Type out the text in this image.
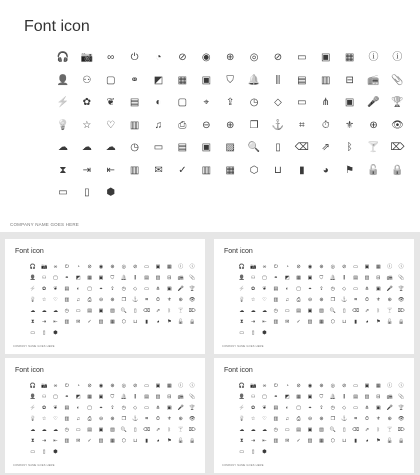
Font icon
🎧	📷	∞	⏻	◔	⊘	◉	⊕	◎	⊘	▭	▣	▦	ⓘ	ⓘ
👤	⚇	▢	⚭	◩	▦	▣	⛉	🔔	⫼	▤	▥	⊟	📻	📎
⚡	✿	❦	▤	◐	▢	⌖	⇪	◷	◇	▭	⋔	▣	🎤	🏆
💡	☆	♡	▥	♫	⎙	⊖	⊕	❐	⚓	⌗	⏱	⚜	⊕	👁
☁	☁	☁	◷	▭	▤	▣	▨	🔍	▯	⌫	⇗	ᛒ	🍸	⌦
⧗	⇥	⇤	▥	✉	✓	▥	▦	⬡	⊔	▮	◕	⚑	🔓	🔒
▭	▯	⬢
COMPANY NAME GOES HERE
Font icon
🎧	📷	∞	⏻	◔	⊘	◉	⊕	◎	⊘	▭	▣	▦	ⓘ	ⓘ
👤	⚇	▢	⚭	◩	▦	▣	⛉	🔔	⫼	▤	▥	⊟	📻	📎
⚡	✿	❦	▤	◐	▢	⌖	⇪	◷	◇	▭	⋔	▣	🎤	🏆
💡	☆	♡	▥	♫	⎙	⊖	⊕	❐	⚓	⌗	⏱	⚜	⊕	👁
☁	☁	☁	◷	▭	▤	▣	▨	🔍	▯	⌫	⇗	ᛒ	🍸 ⌦
⧗	⇥	⇤	▥	✉	✓	▥	▦	⬡	⊔	▮	◕	⚑	🔓	🔒
▭	▯	⬢
COMPANY NAME GOES HERE
Font icon
🎧	📷	∞	⏻	◔	⊘	◉	⊕	◎	⊘	▭	▣	▦	ⓘ	ⓘ
👤	⚇	▢	⚭	◩	▦	▣	⛉	🔔	⫼	▤	▥	⊟	📻	📎
⚡	✿	❦	▤	◐	▢	⌖	⇪	◷	◇	▭	⋔	▣	🎤	🏆
💡	☆	♡	▥	♫	⎙	⊖	⊕	❐	⚓	⌗	⏱	⚜	⊕	👁
☁	☁	☁	◷	▭	▤	▣	▨	🔍	▯	⌫	⇗	ᛒ	🍸 ⌦
⧗	⇥	⇤	▥	✉	✓	▥	▦	⬡	⊔	▮	◕	⚑	🔓	🔒
▭	▯	⬢
COMPANY NAME GOES HERE
Font icon
🎧	📷	∞	⏻	◔	⊘	◉	⊕	◎	⊘	▭	▣	▦	ⓘ	ⓘ
👤	⚇	▢	⚭	◩	▦	▣	⛉	🔔	⫼	▤	▥	⊟	📻	📎
⚡	✿	❦	▤	◐	▢	⌖	⇪	◷	◇	▭	⋔	▣	🎤	🏆
💡	☆	♡	▥	♫	⎙	⊖	⊕	❐	⚓	⌗	⏱	⚜	⊕	👁
☁	☁	☁	◷	▭	▤	▣	▨	🔍	▯	⌫	⇗	ᛒ	🍸 ⌦
⧗	⇥	⇤	▥	✉	✓	▥	▦	⬡	⊔	▮	◕	⚑	🔓	🔒
▭	▯	⬢
COMPANY NAME GOES HERE
Font icon
🎧	📷	∞	⏻	◔	⊘	◉	⊕	◎	⊘	▭	▣	▦	ⓘ	ⓘ
👤	⚇	▢	⚭	◩	▦	▣	⛉	🔔	⫼	▤	▥	⊟	📻	📎
⚡	✿	❦	▤	◐	▢	⌖	⇪	◷	◇	▭	⋔	▣	🎤	🏆
💡	☆	♡	▥	♫	⎙	⊖	⊕	❐	⚓	⌗	⏱	⚜	⊕	👁
☁	☁	☁	◷	▭	▤	▣	▨	🔍	▯	⌫	⇗	ᛒ	🍸 ⌦
⧗	⇥	⇤	▥	✉	✓	▥	▦	⬡	⊔	▮	◕	⚑	🔓	🔒
▭	▯	⬢
COMPANY NAME GOES HERE
